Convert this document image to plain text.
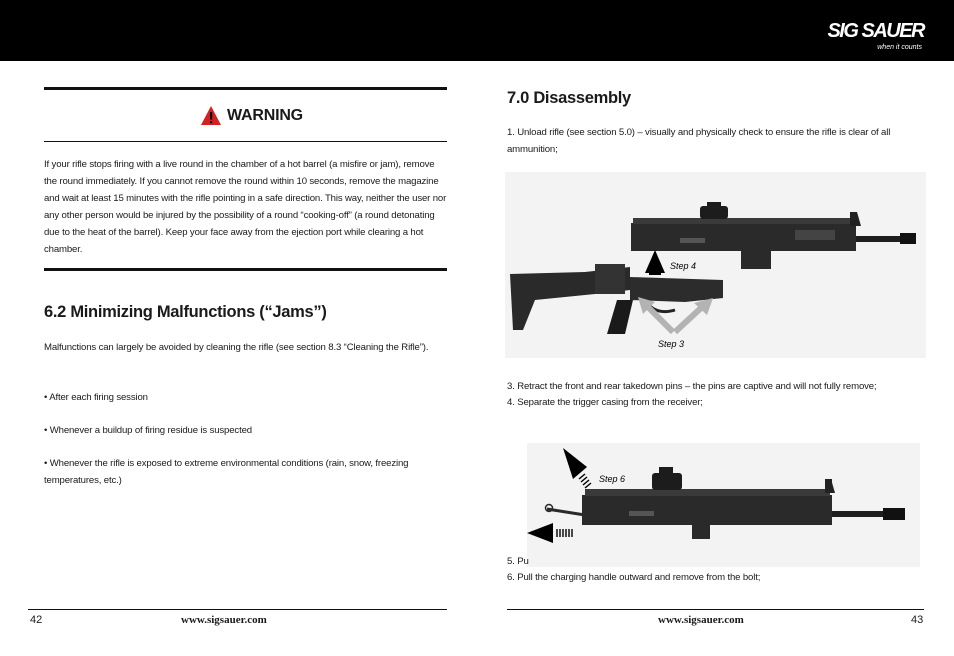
SIG SAUER
when it counts
WARNING

If your rifle stops firing with a live round in the chamber of a hot barrel (a misfire or jam), remove the round immediately. If you cannot remove the round within 10 seconds, remove the magazine and wait at least 15 minutes with the rifle pointing in a safe direction. This way, neither the user nor any other person would be injured by the possibility of a round “cooking-off” (a round detonating due to the heat of the barrel). Keep your face away from the ejection port while clearing a hot chamber.

6.2 Minimizing Malfunctions (“Jams”)

Malfunctions can largely be avoided by cleaning the rifle (see section 8.3 “Cleaning the Rifle”).

• After each firing session

• Whenever a buildup of firing residue is suspected

• Whenever the rifle is exposed to extreme environmental conditions (rain, snow, freezing temperatures, etc.)

42	www.sigsauer.com
7.0 Disassembly

1. Unload rifle (see section 5.0) – visually and physically check to ensure the rifle is clear of all ammunition;

Step 4
Step 3

3. Retract the front and rear takedown pins – the pins are captive and will not fully remove;

4. Separate the trigger casing from the receiver;

Step 6

5. Pu

6. Pull the charging handle outward and remove from the bolt;

www.sigsauer.com	43
